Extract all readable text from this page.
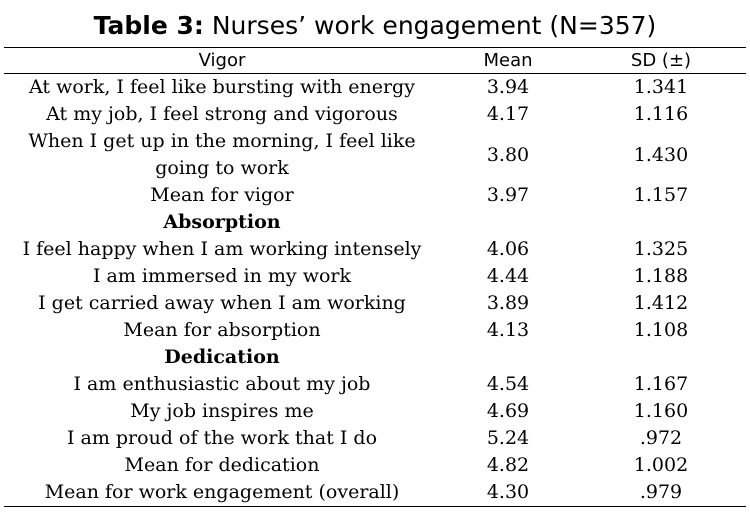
Table 3: Nurses’ work engagement (N=357)
Vigor	Mean	SD (±)
At work, I feel like bursting with energy	3.94	1.341
At my job, I feel strong and vigorous	4.17	1.116
When I get up in the morning, I feel like going to work	3.80	1.430
Mean for vigor	3.97	1.157
Absorption		
I feel happy when I am working intensely	4.06	1.325
I am immersed in my work	4.44	1.188
I get carried away when I am working	3.89	1.412
Mean for absorption	4.13	1.108
Dedication		
I am enthusiastic about my job	4.54	1.167
My job inspires me	4.69	1.160
I am proud of the work that I do	5.24	.972
Mean for dedication	4.82	1.002
Mean for work engagement (overall)	4.30	.979
